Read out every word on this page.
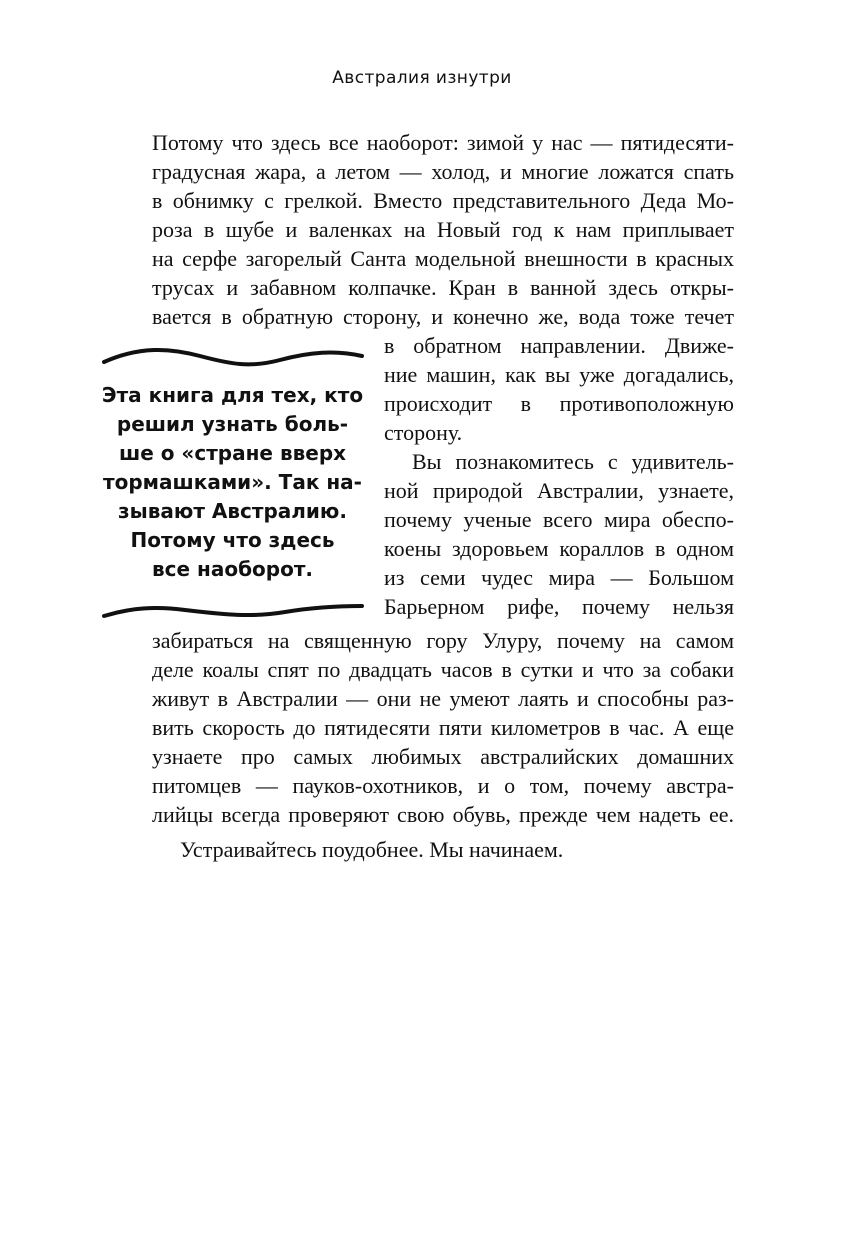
Австралия изнутри
Потому что здесь все наоборот: зимой у нас — пятидесяти-
градусная жара, а летом — холод, и многие ложатся спать
в обнимку с грелкой. Вместо представительного Деда Мо-
роза в шубе и валенках на Новый год к нам приплывает
на серфе загорелый Санта модельной внешности в красных
трусах и забавном колпачке. Кран в ванной здесь откры-
вается в обратную сторону, и конечно же, вода тоже течет
в обратном направлении. Движе-
ние машин, как вы уже догадались,
происходит в противоположную
сторону.
Вы познакомитесь с удивитель-
ной природой Австралии, узнаете,
почему ученые всего мира обеспо-
коены здоровьем кораллов в одном
из семи чудес мира — Большом
Барьерном рифе, почему нельзя
забираться на священную гору Улуру, почему на самом
деле коалы спят по двадцать часов в сутки и что за собаки
живут в Австралии — они не умеют лаять и способны раз-
вить скорость до пятидесяти пяти километров в час. А еще
узнаете про самых любимых австралийских домашних
питомцев — пауков-охотников, и о том, почему австра-
лийцы всегда проверяют свою обувь, прежде чем надеть ее.
Устраивайтесь поудобнее. Мы начинаем.
Эта книга для тех, кто
решил узнать боль-
ше о «стране вверх
тормашками». Так на-
зывают Австралию.
Потому что здесь
все наоборот.
